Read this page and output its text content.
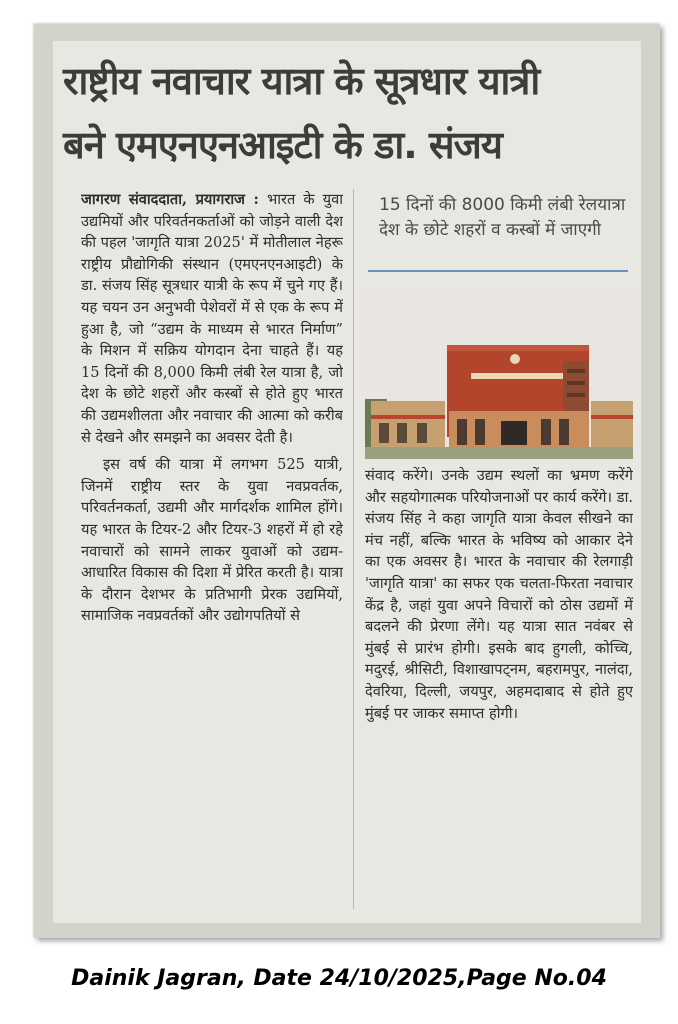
राष्ट्रीय नवाचार यात्रा के सूत्रधार यात्री
बने एमएनएनआइटी के डा. संजय

जागरण संवाददाता, प्रयागराज : भारत के युवा उद्यमियों और परिवर्तनकर्ताओं को जोड़ने वाली देश की पहल 'जागृति यात्रा 2025' में मोतीलाल नेहरू राष्ट्रीय प्रौद्योगिकी संस्थान (एमएनएनआइटी) के डा. संजय सिंह सूत्रधार यात्री के रूप में चुने गए हैं। यह चयन उन अनुभवी पेशेवरों में से एक के रूप में हुआ है, जो “उद्यम के माध्यम से भारत निर्माण” के मिशन में सक्रिय योगदान देना चाहते हैं। यह 15 दिनों की 8,000 किमी लंबी रेल यात्रा है, जो देश के छोटे शहरों और कस्बों से होते हुए भारत की उद्यमशीलता और नवाचार की आत्मा को करीब से देखने और समझने का अवसर देती है।

इस वर्ष की यात्रा में लगभग 525 यात्री, जिनमें राष्ट्रीय स्तर के युवा नवप्रवर्तक, परिवर्तनकर्ता, उद्यमी और मार्गदर्शक शामिल होंगे। यह भारत के टियर-2 और टियर-3 शहरों में हो रहे नवाचारों को सामने लाकर युवाओं को उद्यम-आधारित विकास की दिशा में प्रेरित करती है। यात्रा के दौरान देशभर के प्रतिभागी प्रेरक उद्यमियों, सामाजिक नवप्रवर्तकों और उद्योगपतियों से

15 दिनों की 8000 किमी लंबी रेलयात्रा देश के छोटे शहरों व कस्बों में जाएगी

संवाद करेंगे। उनके उद्यम स्थलों का भ्रमण करेंगे और सहयोगात्मक परियोजनाओं पर कार्य करेंगे। डा. संजय सिंह ने कहा जागृति यात्रा केवल सीखने का मंच नहीं, बल्कि भारत के भविष्य को आकार देने का एक अवसर है। भारत के नवाचार की रेलगाड़ी 'जागृति यात्रा' का सफर एक चलता-फिरता नवाचार केंद्र है, जहां युवा अपने विचारों को ठोस उद्यमों में बदलने की प्रेरणा लेंगे। यह यात्रा सात नवंबर से मुंबई से प्रारंभ होगी। इसके बाद हुगली, कोच्चि, मदुरई, श्रीसिटी, विशाखापट्नम, बहरामपुर, नालंदा, देवरिया, दिल्ली, जयपुर, अहमदाबाद से होते हुए मुंबई पर जाकर समाप्त होगी।

Dainik Jagran, Date 24/10/2025,Page No.04
